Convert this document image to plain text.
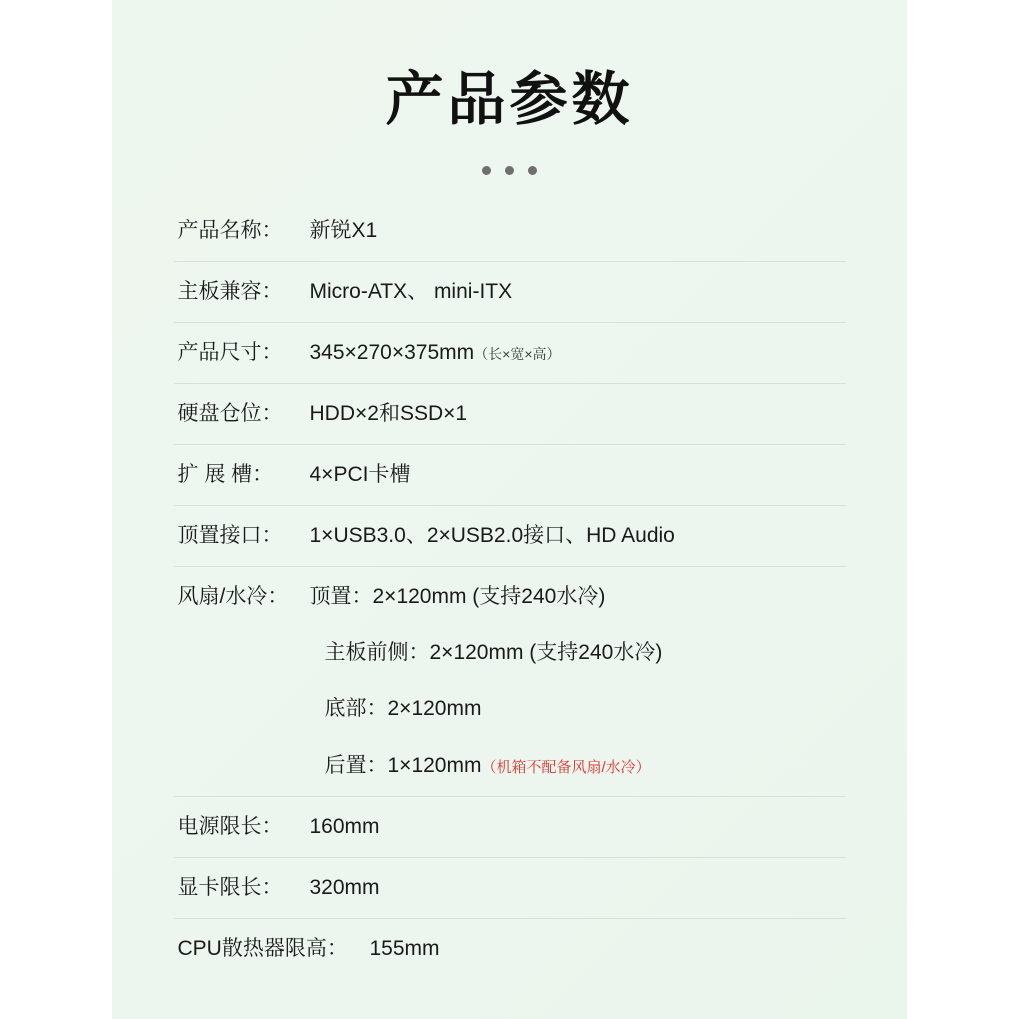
产品参数
产品名称：	新锐X1
主板兼容：	Micro-ATX、 mini-ITX
产品尺寸：	345×270×375mm（长×宽×高）
硬盘仓位：	HDD×2和SSD×1
扩 展 槽：	4×PCI卡槽
顶置接口：	1×USB3.0、2×USB2.0接口、HD Audio
风扇/水冷：	顶置：2×120mm (支持240水冷)
主板前侧：2×120mm (支持240水冷)
底部：2×120mm
后置：1×120mm（机箱不配备风扇/水冷）
电源限长：	160mm
显卡限长：	320mm
CPU散热器限高：	155mm
